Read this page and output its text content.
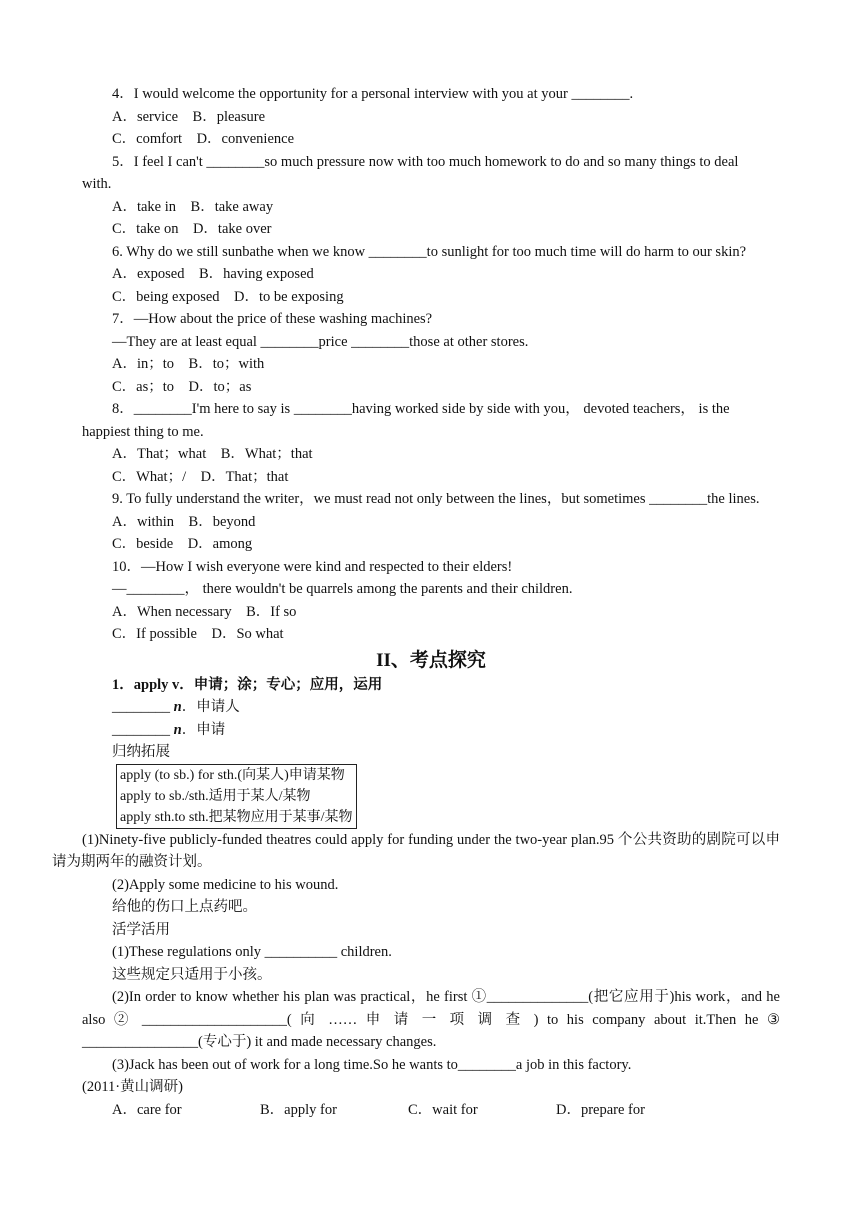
4．I would welcome the opportunity for a personal interview with you at your ________.
A．service　B．pleasure
C．comfort　D．convenience
5．I feel I can't ________so much pressure now with too much homework to do and so many things to deal
with.
A．take in　B．take away
C．take on　D．take over
6. Why do we still sunbathe when we know ________to sunlight for too much time will do harm to our skin?
A．exposed　B．having exposed
C．being exposed　D．to be exposing
7．—How about the price of these washing machines?
—They are at least equal ________price ________those at other stores.
A．in；to　B．to；with
C．as；to　D．to；as
8．________I'm here to say is ________having worked side by side with you， devoted teachers， is the
happiest thing to me.
A．That；what　B．What；that
C．What；/　D．That；that
9. To fully understand the writer，we must read not only between the lines，but sometimes ________the lines.
A．within　B．beyond
C．beside　D．among
10．—How I wish everyone were kind and respected to their elders!
—________， there wouldn't be quarrels among the parents and their children.
A．When necessary　B．If so
C．If possible　D．So what
II、考点探究
1．apply v．申请；涂；专心；应用，运用
________ n．申请人
________ n．申请
归纳拓展
apply (to sb.) for sth.(向某人)申请某物
apply to sb./sth.适用于某人/某物
apply sth.to sth.把某物应用于某事/某物
(1)Ninety-five publicly-funded theatres could apply for funding under the two-year plan.95 个公共资助的剧院可以申请为期两年的融资计划。
(2)Apply some medicine to his wound.
给他的伤口上点药吧。
活学活用
(1)These regulations only __________ children.
这些规定只适用于小孩。
(2)In order to know whether his plan was practical，he first ①______________(把它应用于)his work，and he also ② ____________________( 向 …… 申 请 一 项 调 查 ) to his company about it.Then he ③ ________________(专心于) it and made necessary changes.
(3)Jack has been out of work for a long time.So he wants to________a job in this factory.
(2011·黄山调研)
A．care for	B．apply for	C．wait for	D．prepare for
